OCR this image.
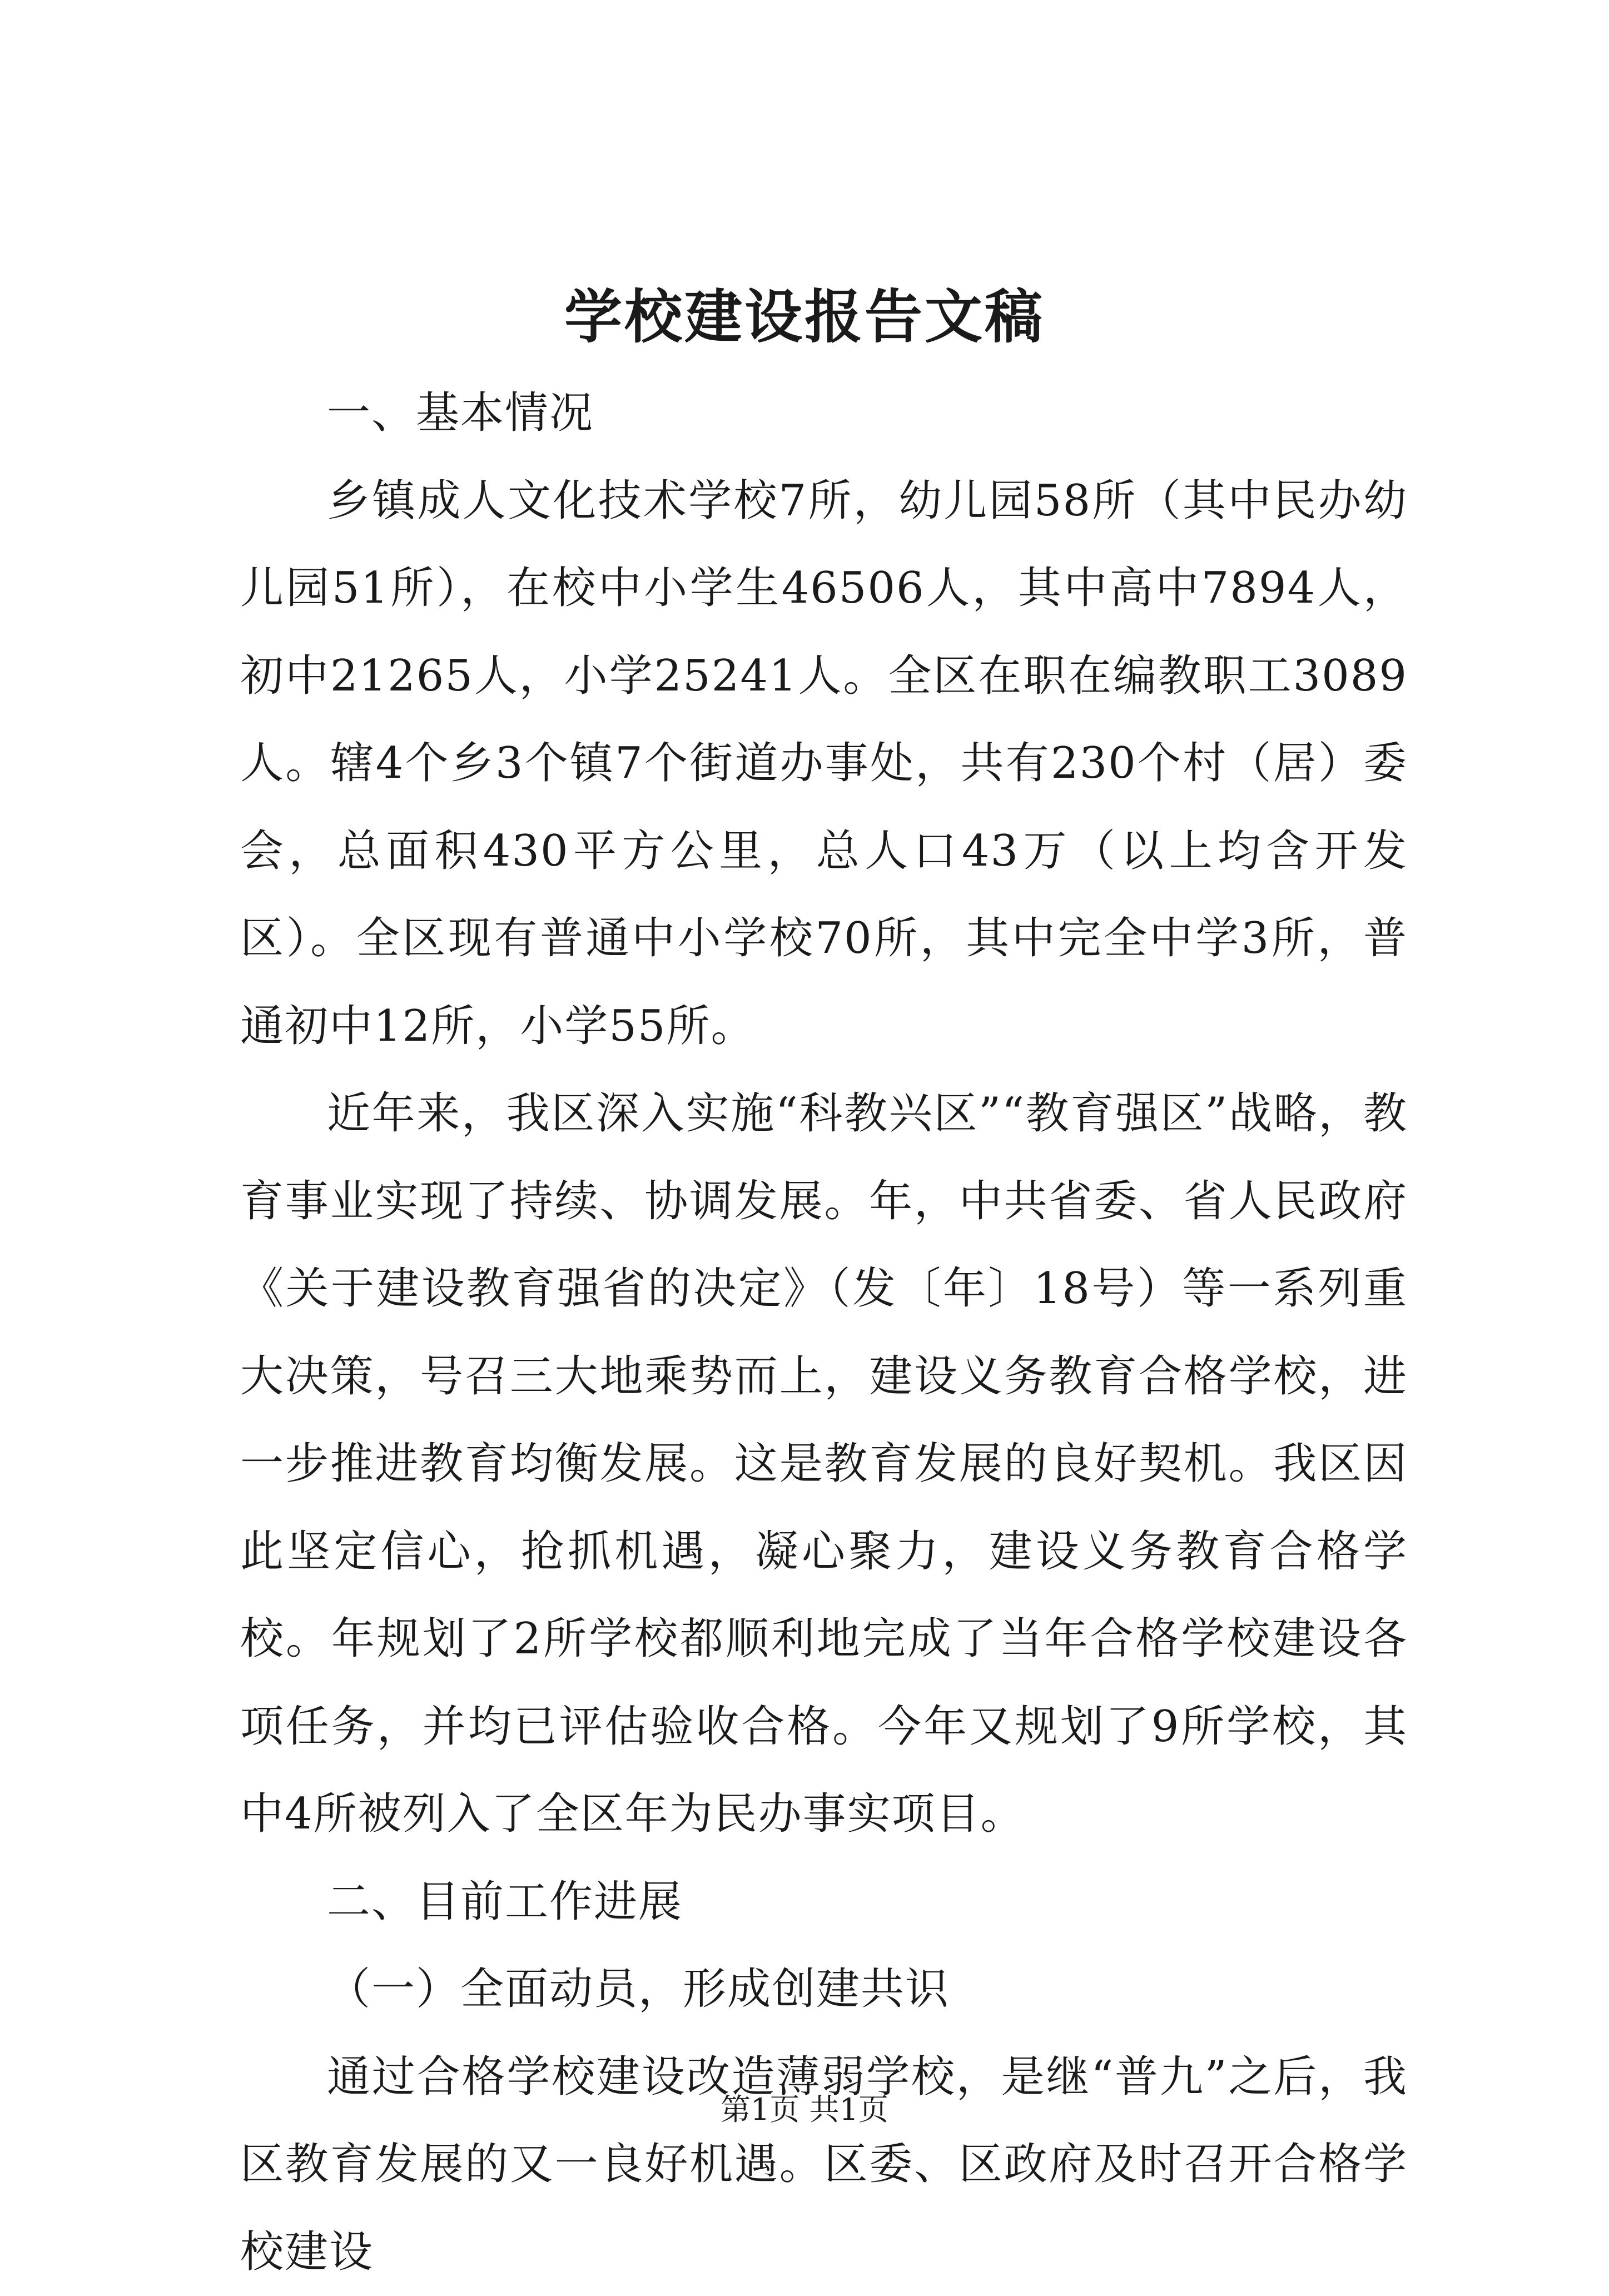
学校建设报告文稿

一、基本情况

乡镇成人文化技术学校7所，幼儿园58所（其中民办幼儿园51所），在校中小学生46506人，其中高中7894人，初中21265人，小学25241人。全区在职在编教职工3089人。辖4个乡3个镇7个街道办事处，共有230个村（居）委会，总面积430平方公里，总人口43万（以上均含开发区）。全区现有普通中小学校70所，其中完全中学3所，普通初中12所，小学55所。

近年来，我区深入实施“科教兴区”“教育强区”战略，教育事业实现了持续、协调发展。年，中共省委、省人民政府《关于建设教育强省的决定》（发〔年〕18号）等一系列重大决策，号召三大地乘势而上，建设义务教育合格学校，进一步推进教育均衡发展。这是教育发展的良好契机。我区因此坚定信心，抢抓机遇，凝心聚力，建设义务教育合格学校。年规划了2所学校都顺利地完成了当年合格学校建设各项任务，并均已评估验收合格。今年又规划了9所学校，其中4所被列入了全区年为民办事实项目。

二、目前工作进展

（一）全面动员，形成创建共识

通过合格学校建设改造薄弱学校，是继“普九”之后，我区教育发展的又一良好机遇。区委、区政府及时召开合格学校建设

第1页 共1页
